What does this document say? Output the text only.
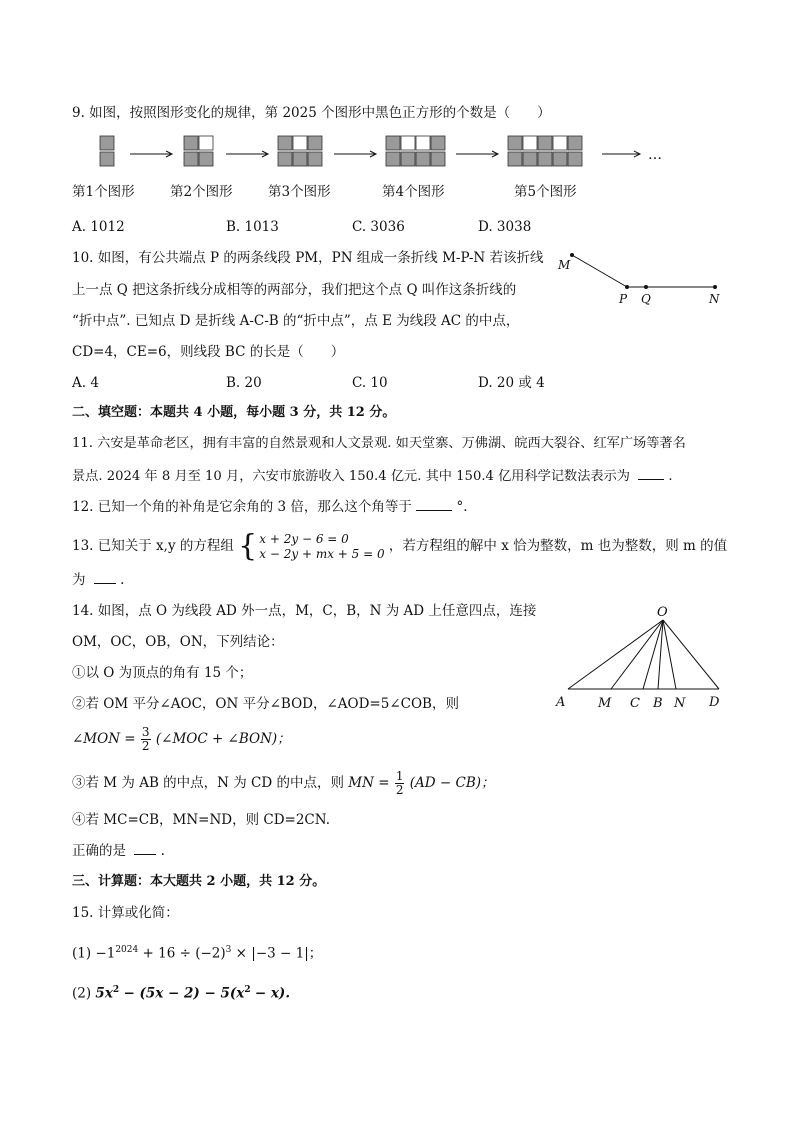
9. 如图，按照图形变化的规律，第 2025 个图形中黑色正方形的个数是（　　）
…
第1个图形	第2个图形	第3个图形	第4个图形	第5个图形
A. 1012	B. 1013	C. 3036	D. 3038
10. 如图，有公共端点 P 的两条线段 PM，PN 组成一条折线 M-P-N 若该折线
上一点 Q 把这条折线分成相等的两部分，我们把这个点 Q 叫作这条折线的
“折中点”. 已知点 D 是折线 A-C-B 的“折中点”，点 E 为线段 AC 的中点，
CD=4，CE=6，则线段 BC 的长是（　　）
M
P Q	N
A. 4	B. 20	C. 10	D. 20 或 4
二、填空题：本题共 4 小题，每小题 3 分，共 12 分。
11. 六安是革命老区，拥有丰富的自然景观和人文景观. 如天堂寨、万佛湖、皖西大裂谷、红军广场等著名
景点. 2024 年 8 月至 10 月，六安市旅游收入 150.4 亿元. 其中 150.4 亿用科学记数法表示为	.
12. 已知一个角的补角是它余角的 3 倍，那么这个角等于	°.
13. 已知关于 x,y 的方程组 { x + 2y − 6 = 0
x − 2y + mx + 5 = 0 ，若方程组的解中 x 恰为整数，m 也为整数，则 m 的值
为	.
14. 如图，点 O 为线段 AD 外一点，M，C，B，N 为 AD 上任意四点，连接
OM，OC，OB，ON，下列结论：
①以 O 为顶点的角有 15 个；
②若 OM 平分∠AOC，ON 平分∠BOD，∠AOD=5∠COB，则
∠MON = $\frac{3}{2}$ (∠MOC + ∠BON)；
③若 M 为 AB 的中点，N 为 CD 的中点，则 MN = $\frac{1}{2} (AD - CB)$；
④若 MC=CB，MN=ND，则 CD=2CN.
正确的是	.
O
A	M C B N D
三、计算题：本大题共 2 小题，共 12 分。
15. 计算或化简：
$(1) -1^{2024} + 16 \div (-2)^3 \times |-3 - 1|$；
(2) $5x^2 - (5x - 2) - 5(x^2 - x)$.
